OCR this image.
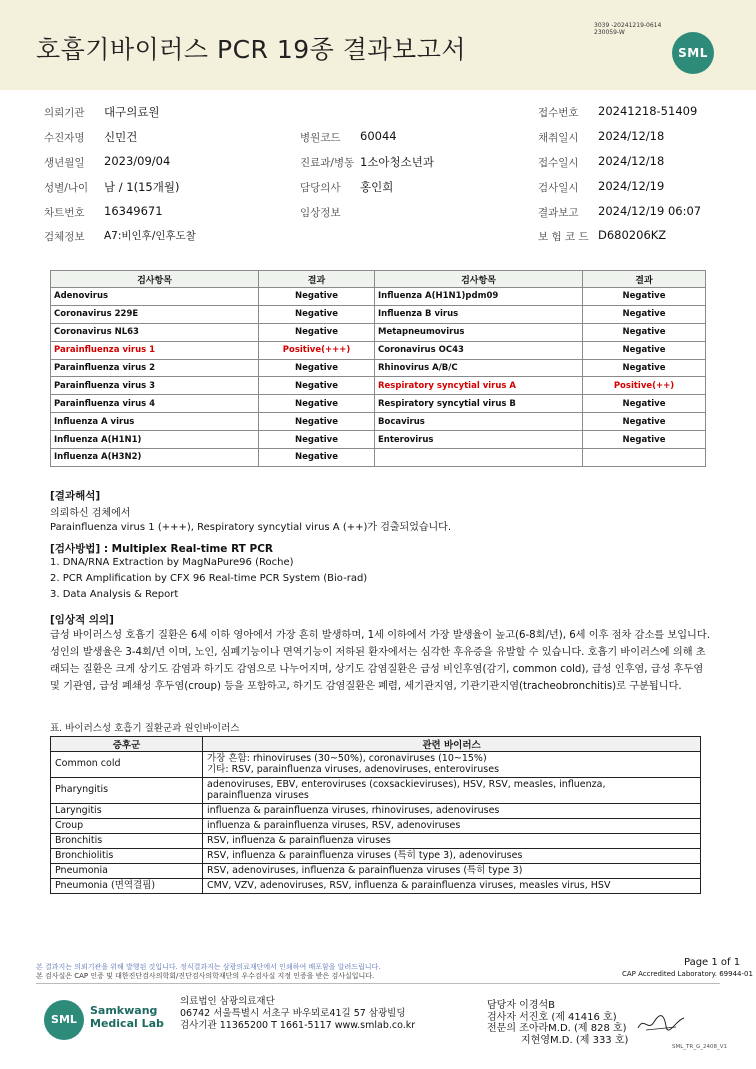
호흡기바이러스 PCR 19종 결과보고서
3039 -20241219-0614
230059-W
SML
의뢰기관 대구의료원	접수번호 20241218-51409
수진자명 신민건	병원코드 60044	채취일시 2024/12/18
생년월일 2023/09/04	진료과/병동 1소아청소년과	접수일시 2024/12/18
성별/나이 남 / 1(15개월)	담당의사 홍인희	검사일시 2024/12/19
차트번호 16349671	임상정보	결과보고 2024/12/19 06:07
검체정보 A7:비인후/인후도찰	보 험 코 드 D680206KZ
검사항목	결과	검사항목	결과
Adenovirus	Negative	Influenza A(H1N1)pdm09	Negative
Coronavirus 229E	Negative	Influenza B virus	Negative
Coronavirus NL63	Negative	Metapneumovirus	Negative
Parainfluenza virus 1	Positive(+++)	Coronavirus OC43	Negative
Parainfluenza virus 2	Negative	Rhinovirus A/B/C	Negative
Parainfluenza virus 3	Negative	Respiratory syncytial virus A	Positive(++)
Parainfluenza virus 4	Negative	Respiratory syncytial virus B	Negative
Influenza A virus	Negative	Bocavirus	Negative
Influenza A(H1N1)	Negative	Enterovirus	Negative
Influenza A(H3N2)	Negative		
[결과해석]
의뢰하신 검체에서
Parainfluenza virus 1 (+++), Respiratory syncytial virus A (++)가 검출되었습니다.
[검사방법] : Multiplex Real-time RT PCR
1. DNA/RNA Extraction by MagNaPure96 (Roche)
2. PCR Amplification by CFX 96 Real-time PCR System (Bio-rad)
3. Data Analysis & Report
[임상적 의의]
급성 바이러스성 호흡기 질환은 6세 이하 영아에서 가장 흔히 발생하며, 1세 이하에서 가장 발생율이 높고(6-8회/년), 6세 이후 점차 감소를 보입니다. 성인의 발생율은 3-4회/년 이며, 노인, 심폐기능이나 면역기능이 저하된 환자에서는 심각한 후유증을 유발할 수 있습니다. 호흡기 바이러스에 의해 초래되는 질환은 크게 상기도 감염과 하기도 감염으로 나누어지며, 상기도 감염질환은 급성 비인후염(감기, common cold), 급성 인후염, 급성 후두염 및 기관염, 급성 폐쇄성 후두염(croup) 등을 포함하고, 하기도 감염질환은 폐렴, 세기관지염, 기관기관지염(tracheobronchitis)로 구분됩니다.
표. 바이러스성 호흡기 질환군과 원인바이러스
증후군	관련 바이러스
Common cold	가장 흔함: rhinoviruses (30~50%), coronaviruses (10~15%)
기타: RSV, parainfluenza viruses, adenoviruses, enteroviruses

Pharyngitis	adenoviruses, EBV, enteroviruses (coxsackieviruses), HSV, RSV, measles, influenza,
parainfluenza viruses

Laryngitis	influenza & parainfluenza viruses, rhinoviruses, adenoviruses

Croup	influenza & parainfluenza viruses, RSV, adenoviruses

Bronchitis	RSV, influenza & parainfluenza viruses

Bronchiolitis	RSV, influenza & parainfluenza viruses (특히 type 3), adenoviruses

Pneumonia	RSV, adenoviruses, influenza & parainfluenza viruses (특히 type 3)

Pneumonia (면역결핍)	CMV, VZV, adenoviruses, RSV, influenza & parainfluenza viruses, measles virus, HSV
본 결과지는 의뢰기관을 위해 발행된 것입니다. 정식결과지는 삼광의료재단에서 인쇄하여 배포함을 알려드립니다.
본 검사실은 CAP 인증 및 대한진단검사의학회/진단검사의학재단의 우수검사실 지정 인증을 받은 검사실입니다.
Page 1 of 1
CAP Accredited Laboratory. 69944-01
SML
Samkwang
Medical Lab
의료법인 삼광의료재단
06742 서울특별시 서초구 바우뫼로41길 57 삼광빌딩
검사기관 11365200 T 1661-5117 www.smlab.co.kr
담당자 이경석B
검사자 서진호 (제 41416 호)
전문의 조아라M.D. (제 828 호)
지현영M.D. (제 333 호)
SML_TR_G_2408_V1
